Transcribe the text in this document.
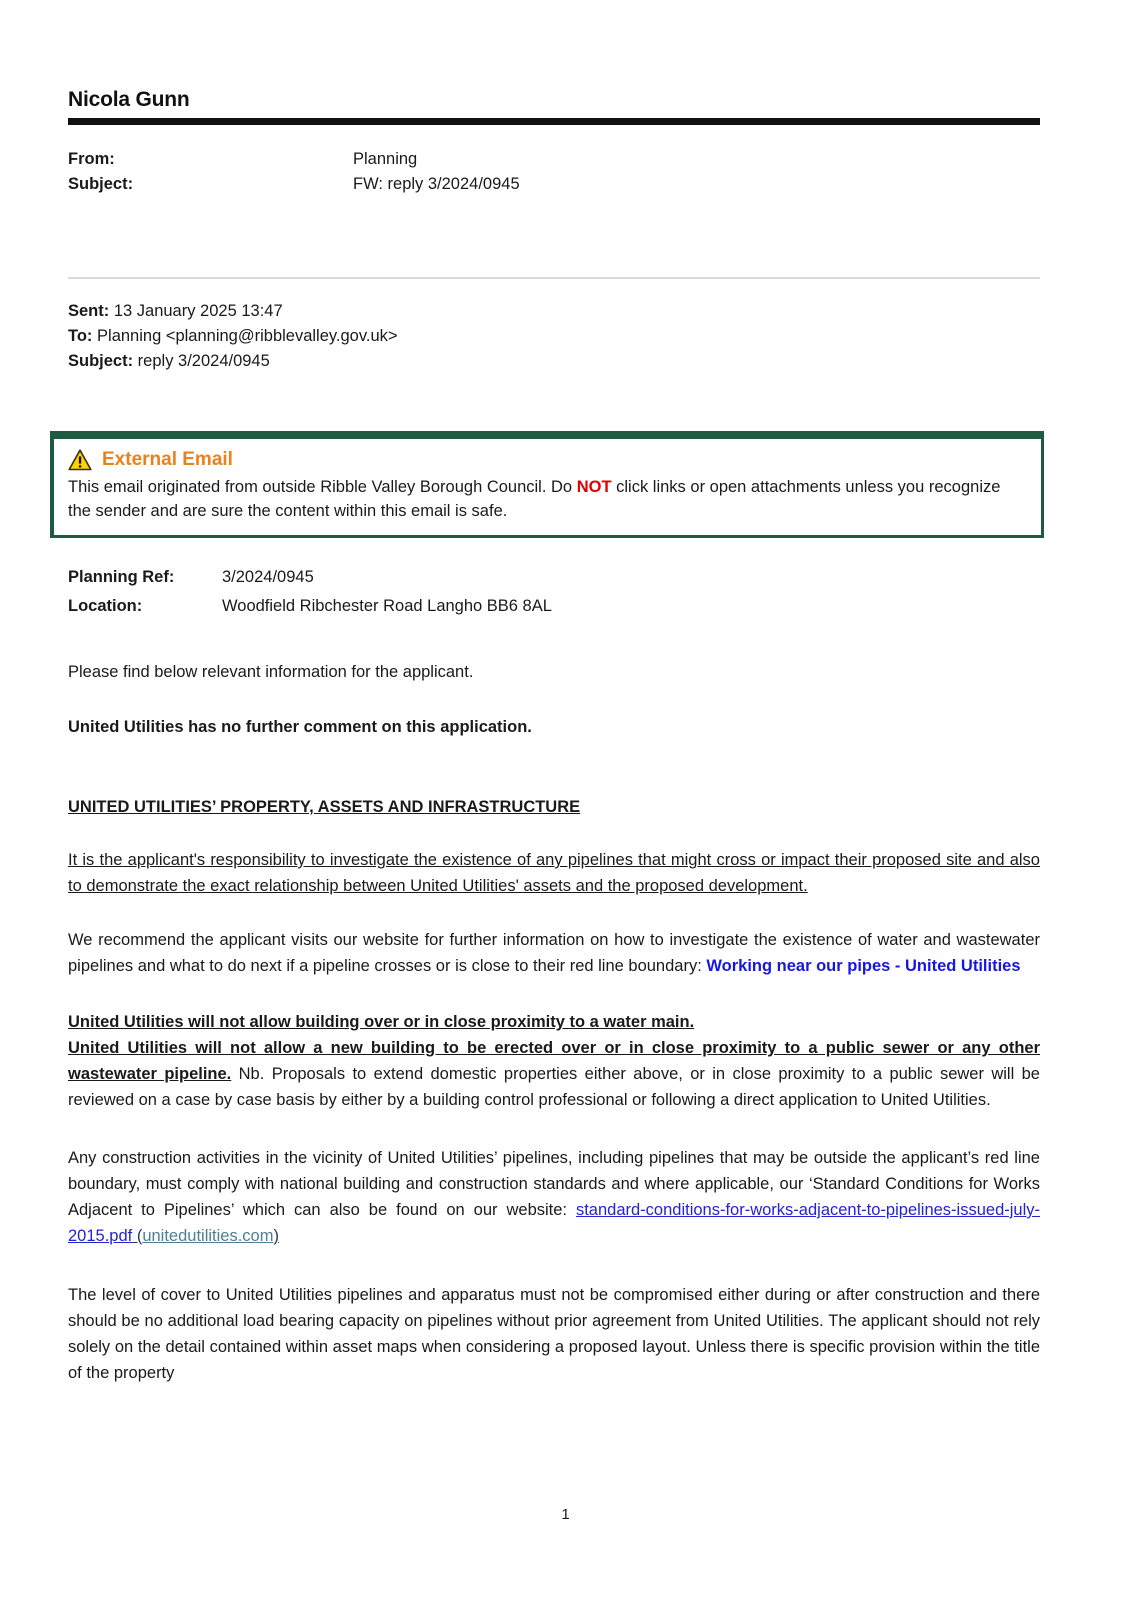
Nicola Gunn
From:	Planning
Subject:	FW: reply 3/2024/0945
Sent: 13 January 2025 13:47
To: Planning <planning@ribblevalley.gov.uk>
Subject: reply 3/2024/0945
External Email

This email originated from outside Ribble Valley Borough Council. Do NOT click links or open attachments unless you recognize the sender and are sure the content within this email is safe.

Planning Ref:	3/2024/0945
Location:	Woodfield Ribchester Road Langho BB6 8AL

Please find below relevant information for the applicant.

United Utilities has no further comment on this application.

UNITED UTILITIES’ PROPERTY, ASSETS AND INFRASTRUCTURE

It is the applicant's responsibility to investigate the existence of any pipelines that might cross or impact their proposed site and also to demonstrate the exact relationship between United Utilities' assets and the proposed development.

We recommend the applicant visits our website for further information on how to investigate the existence of water and wastewater pipelines and what to do next if a pipeline crosses or is close to their red line boundary: Working near our pipes - United Utilities

United Utilities will not allow building over or in close proximity to a water main.
United Utilities will not allow a new building to be erected over or in close proximity to a public sewer or any other wastewater pipeline. Nb. Proposals to extend domestic properties either above, or in close proximity to a public sewer will be reviewed on a case by case basis by either by a building control professional or following a direct application to United Utilities.

Any construction activities in the vicinity of United Utilities’ pipelines, including pipelines that may be outside the applicant’s red line boundary, must comply with national building and construction standards and where applicable, our ‘Standard Conditions for Works Adjacent to Pipelines’ which can also be found on our website: standard-conditions-for-works-adjacent-to-pipelines-issued-july-2015.pdf (unitedutilities.com)

The level of cover to United Utilities pipelines and apparatus must not be compromised either during or after construction and there should be no additional load bearing capacity on pipelines without prior agreement from United Utilities. The applicant should not rely solely on the detail contained within asset maps when considering a proposed layout. Unless there is specific provision within the title of the property

1
